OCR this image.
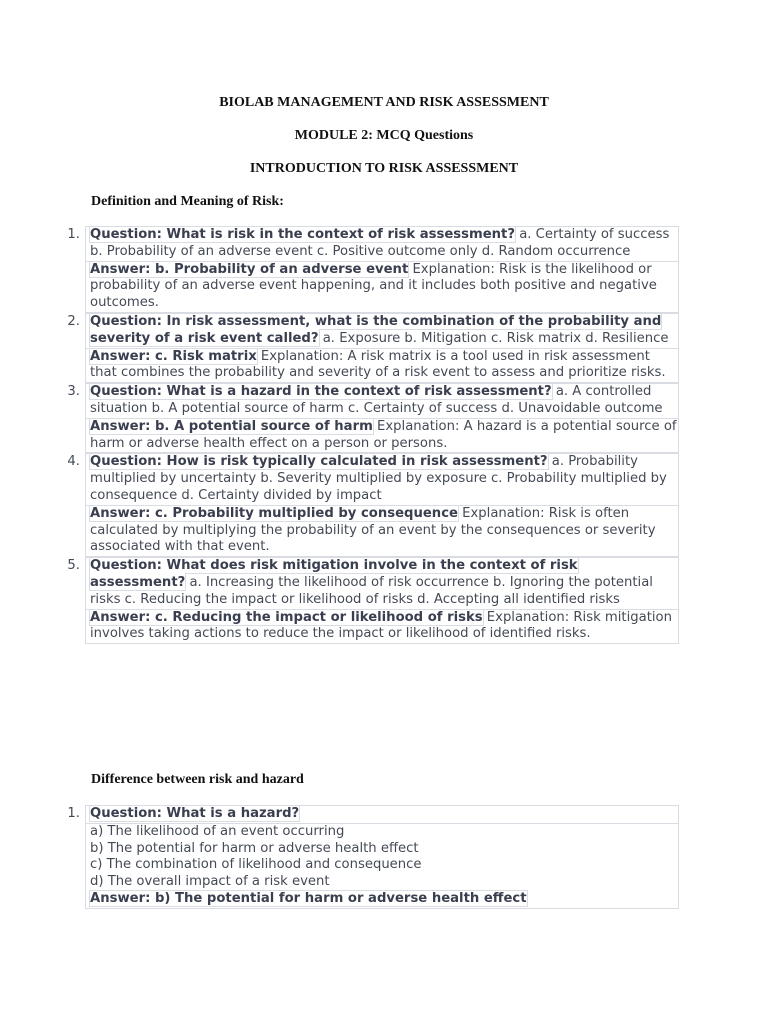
BIOLAB MANAGEMENT AND RISK ASSESSMENT
MODULE 2: MCQ Questions
INTRODUCTION TO RISK ASSESSMENT
Definition and Meaning of Risk:
1. Question: What is risk in the context of risk assessment? a. Certainty of success b. Probability of an adverse event c. Positive outcome only d. Random occurrence
Answer: b. Probability of an adverse event Explanation: Risk is the likelihood or probability of an adverse event happening, and it includes both positive and negative outcomes.
2. Question: In risk assessment, what is the combination of the probability and severity of a risk event called? a. Exposure b. Mitigation c. Risk matrix d. Resilience
Answer: c. Risk matrix Explanation: A risk matrix is a tool used in risk assessment that combines the probability and severity of a risk event to assess and prioritize risks.
3. Question: What is a hazard in the context of risk assessment? a. A controlled situation b. A potential source of harm c. Certainty of success d. Unavoidable outcome
Answer: b. A potential source of harm Explanation: A hazard is a potential source of harm or adverse health effect on a person or persons.
4. Question: How is risk typically calculated in risk assessment? a. Probability multiplied by uncertainty b. Severity multiplied by exposure c. Probability multiplied by consequence d. Certainty divided by impact
Answer: c. Probability multiplied by consequence Explanation: Risk is often calculated by multiplying the probability of an event by the consequences or severity associated with that event.
5. Question: What does risk mitigation involve in the context of risk assessment? a. Increasing the likelihood of risk occurrence b. Ignoring the potential risks c. Reducing the impact or likelihood of risks d. Accepting all identified risks
Answer: c. Reducing the impact or likelihood of risks Explanation: Risk mitigation involves taking actions to reduce the impact or likelihood of identified risks.
Difference between risk and hazard
1. Question: What is a hazard?
a) The likelihood of an event occurring
b) The potential for harm or adverse health effect
c) The combination of likelihood and consequence
d) The overall impact of a risk event
Answer: b) The potential for harm or adverse health effect
